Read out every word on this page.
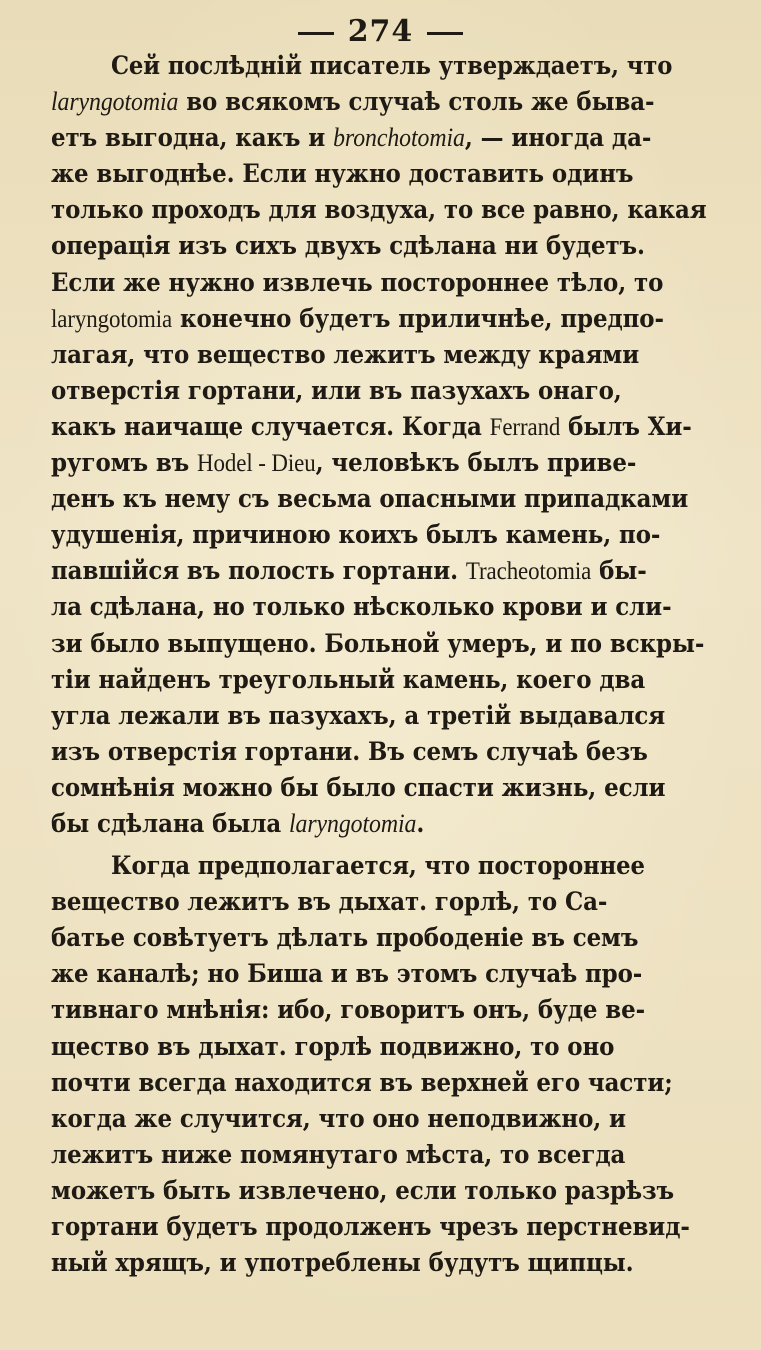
274
Сей послѣдній писатель утверждаетъ, что
laryngotomia во всякомъ случаѣ столь же быва-
етъ выгодна, какъ и bronchotomia, — иногда да-
же выгоднѣе. Если нужно доставить одинъ
только проходъ для воздуха, то все равно, какая
операція изъ сихъ двухъ сдѣлана ни будетъ.
Если же нужно извлечь постороннее тѣло, то
laryngotomia конечно будетъ приличнѣе, предпо-
лагая, что вещество лежитъ между краями
отверстія гортани, или въ пазухахъ онаго,
какъ наичаще случается. Когда Ferrand былъ Хи-
ругомъ въ Hodel - Dieu, человѣкъ былъ приве-
денъ къ нему съ весьма опасными припадками
удушенія, причиною коихъ былъ камень, по-
павшійся въ полость гортани. Tracheotomia бы-
ла сдѣлана, но только нѣсколько крови и сли-
зи было выпущено. Больной умеръ, и по вскры-
тіи найденъ треугольный камень, коего два
угла лежали въ пазухахъ, а третій выдавался
изъ отверстія гортани. Въ семъ случаѣ безъ
сомнѣнія можно бы было спасти жизнь, если
бы сдѣлана была laryngotomia.
Когда предполагается, что постороннее
вещество лежитъ въ дыхат. горлѣ, то Са-
батье совѣтуетъ дѣлать прободеніе въ семъ
же каналѣ; но Биша и въ этомъ случаѣ про-
тивнаго мнѣнія: ибо, говоритъ онъ, буде ве-
щество въ дыхат. горлѣ подвижно, то оно
почти всегда находится въ верхней его части;
когда же случится, что оно неподвижно, и
лежитъ ниже помянутаго мѣста, то всегда
можетъ быть извлечено, если только разрѣзъ
гортани будетъ продолженъ чрезъ перстневид-
ный хрящъ, и употреблены будутъ щипцы.
